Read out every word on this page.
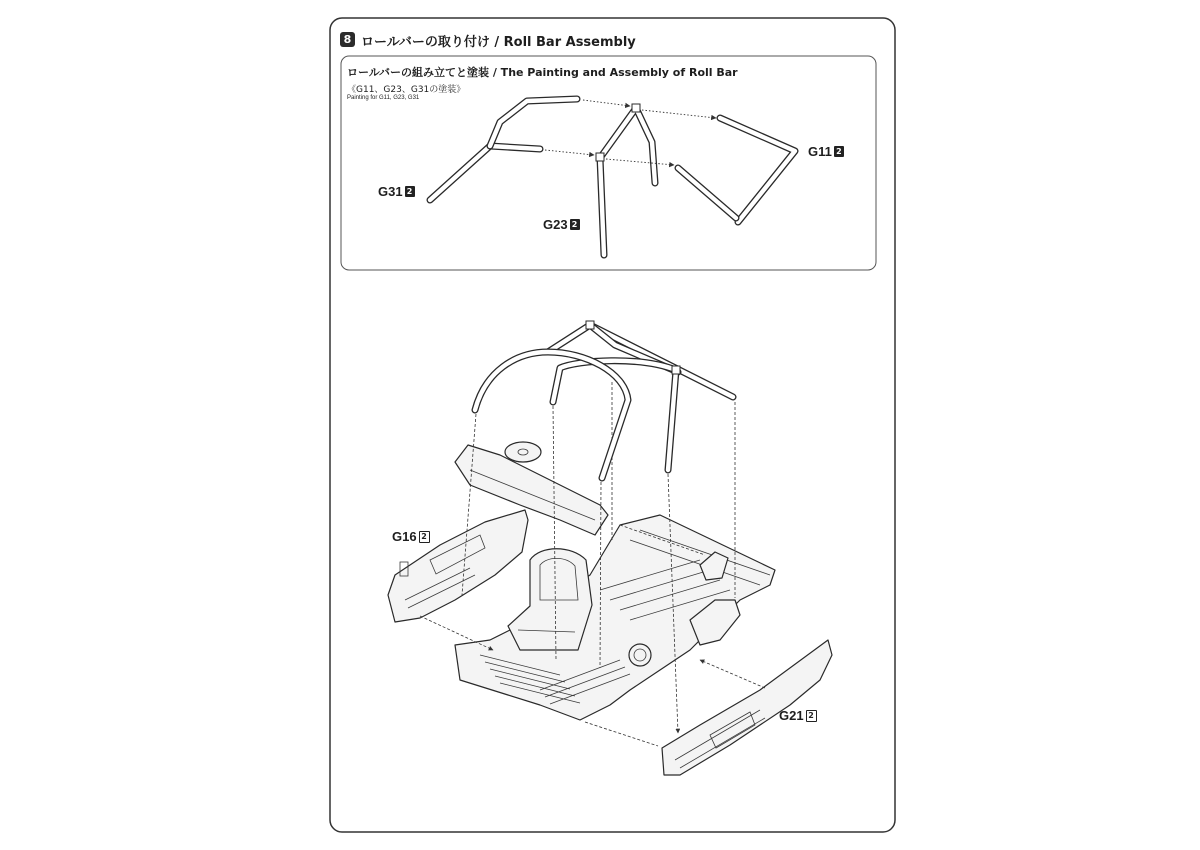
8 ロールバーの取り付け / Roll Bar Assembly
ロールバーの組み立てと塗装 / The Painting and Assembly of Roll Bar
《G11、G23、G31の塗装》
Painting for G11, G23, G31
G31 2
G23 2
G11 2
G16 2
G21 2
